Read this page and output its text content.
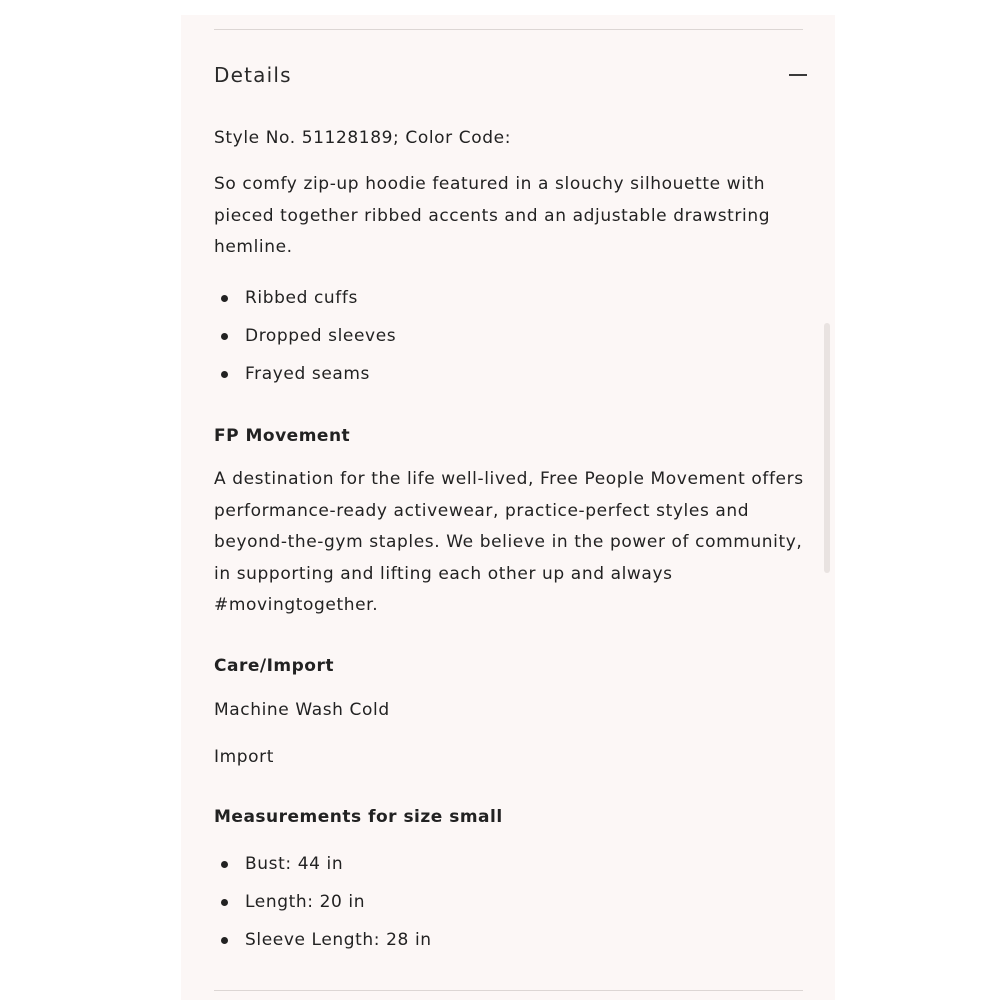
Details

Style No. 51128189; Color Code:

So comfy zip-up hoodie featured in a slouchy silhouette with pieced together ribbed accents and an adjustable drawstring hemline.

Ribbed cuffs
Dropped sleeves
Frayed seams
FP Movement

A destination for the life well-lived, Free People Movement offers performance-ready activewear, practice-perfect styles and beyond-the-gym staples. We believe in the power of community, in supporting and lifting each other up and always #movingtogether.

Care/Import

Machine Wash Cold

Import

Measurements for size small
Bust: 44 in
Length: 20 in
Sleeve Length: 28 in
